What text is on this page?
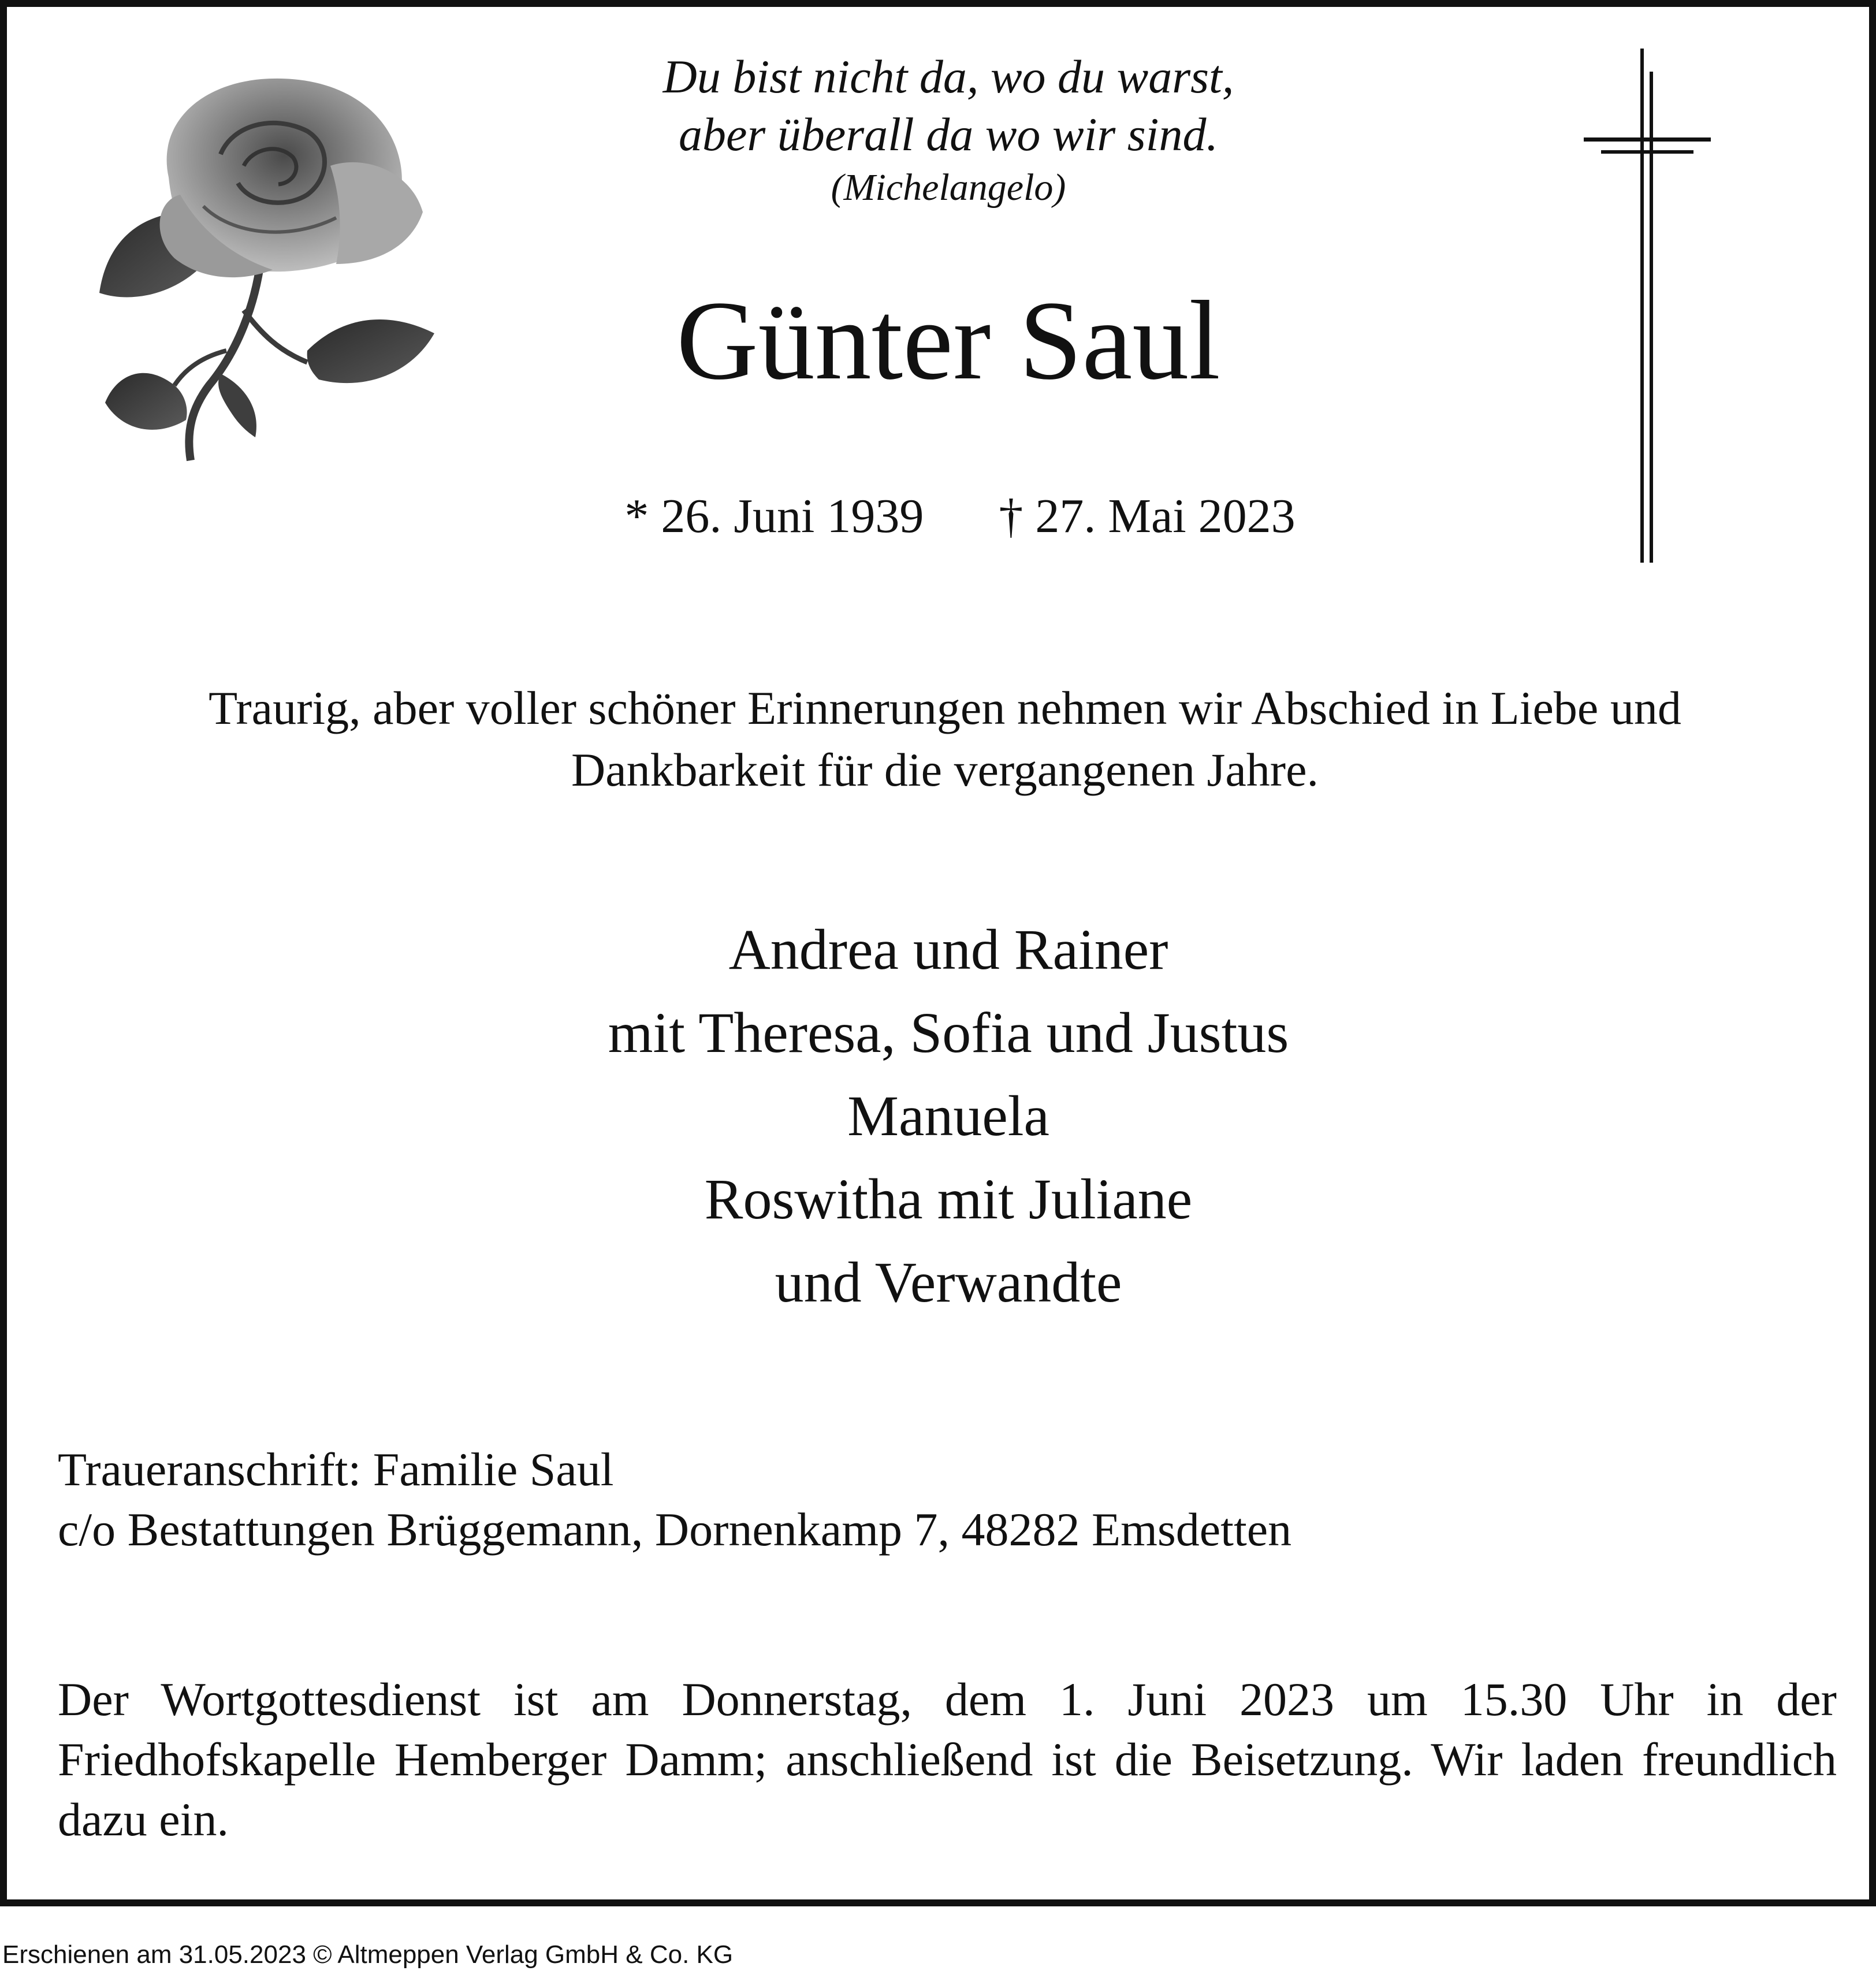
Du bist nicht da, wo du warst,
aber überall da wo wir sind.
(Michelangelo)
Günter Saul
* 26. Juni 1939 † 27. Mai 2023
Traurig, aber voller schöner Erinnerungen nehmen wir Abschied in Liebe und
Dankbarkeit für die vergangenen Jahre.
Andrea und Rainer
mit Theresa, Sofia und Justus
Manuela
Roswitha mit Juliane
und Verwandte
Traueranschrift: Familie Saul
c/o Bestattungen Brüggemann, Dornenkamp 7, 48282 Emsdetten
Der Wortgottesdienst ist am Donnerstag, dem 1. Juni 2023 um 15.30 Uhr in der Friedhofskapelle Hemberger Damm; anschließend ist die Beisetzung. Wir laden freundlich dazu ein.
Erschienen am 31.05.2023 © Altmeppen Verlag GmbH & Co. KG
